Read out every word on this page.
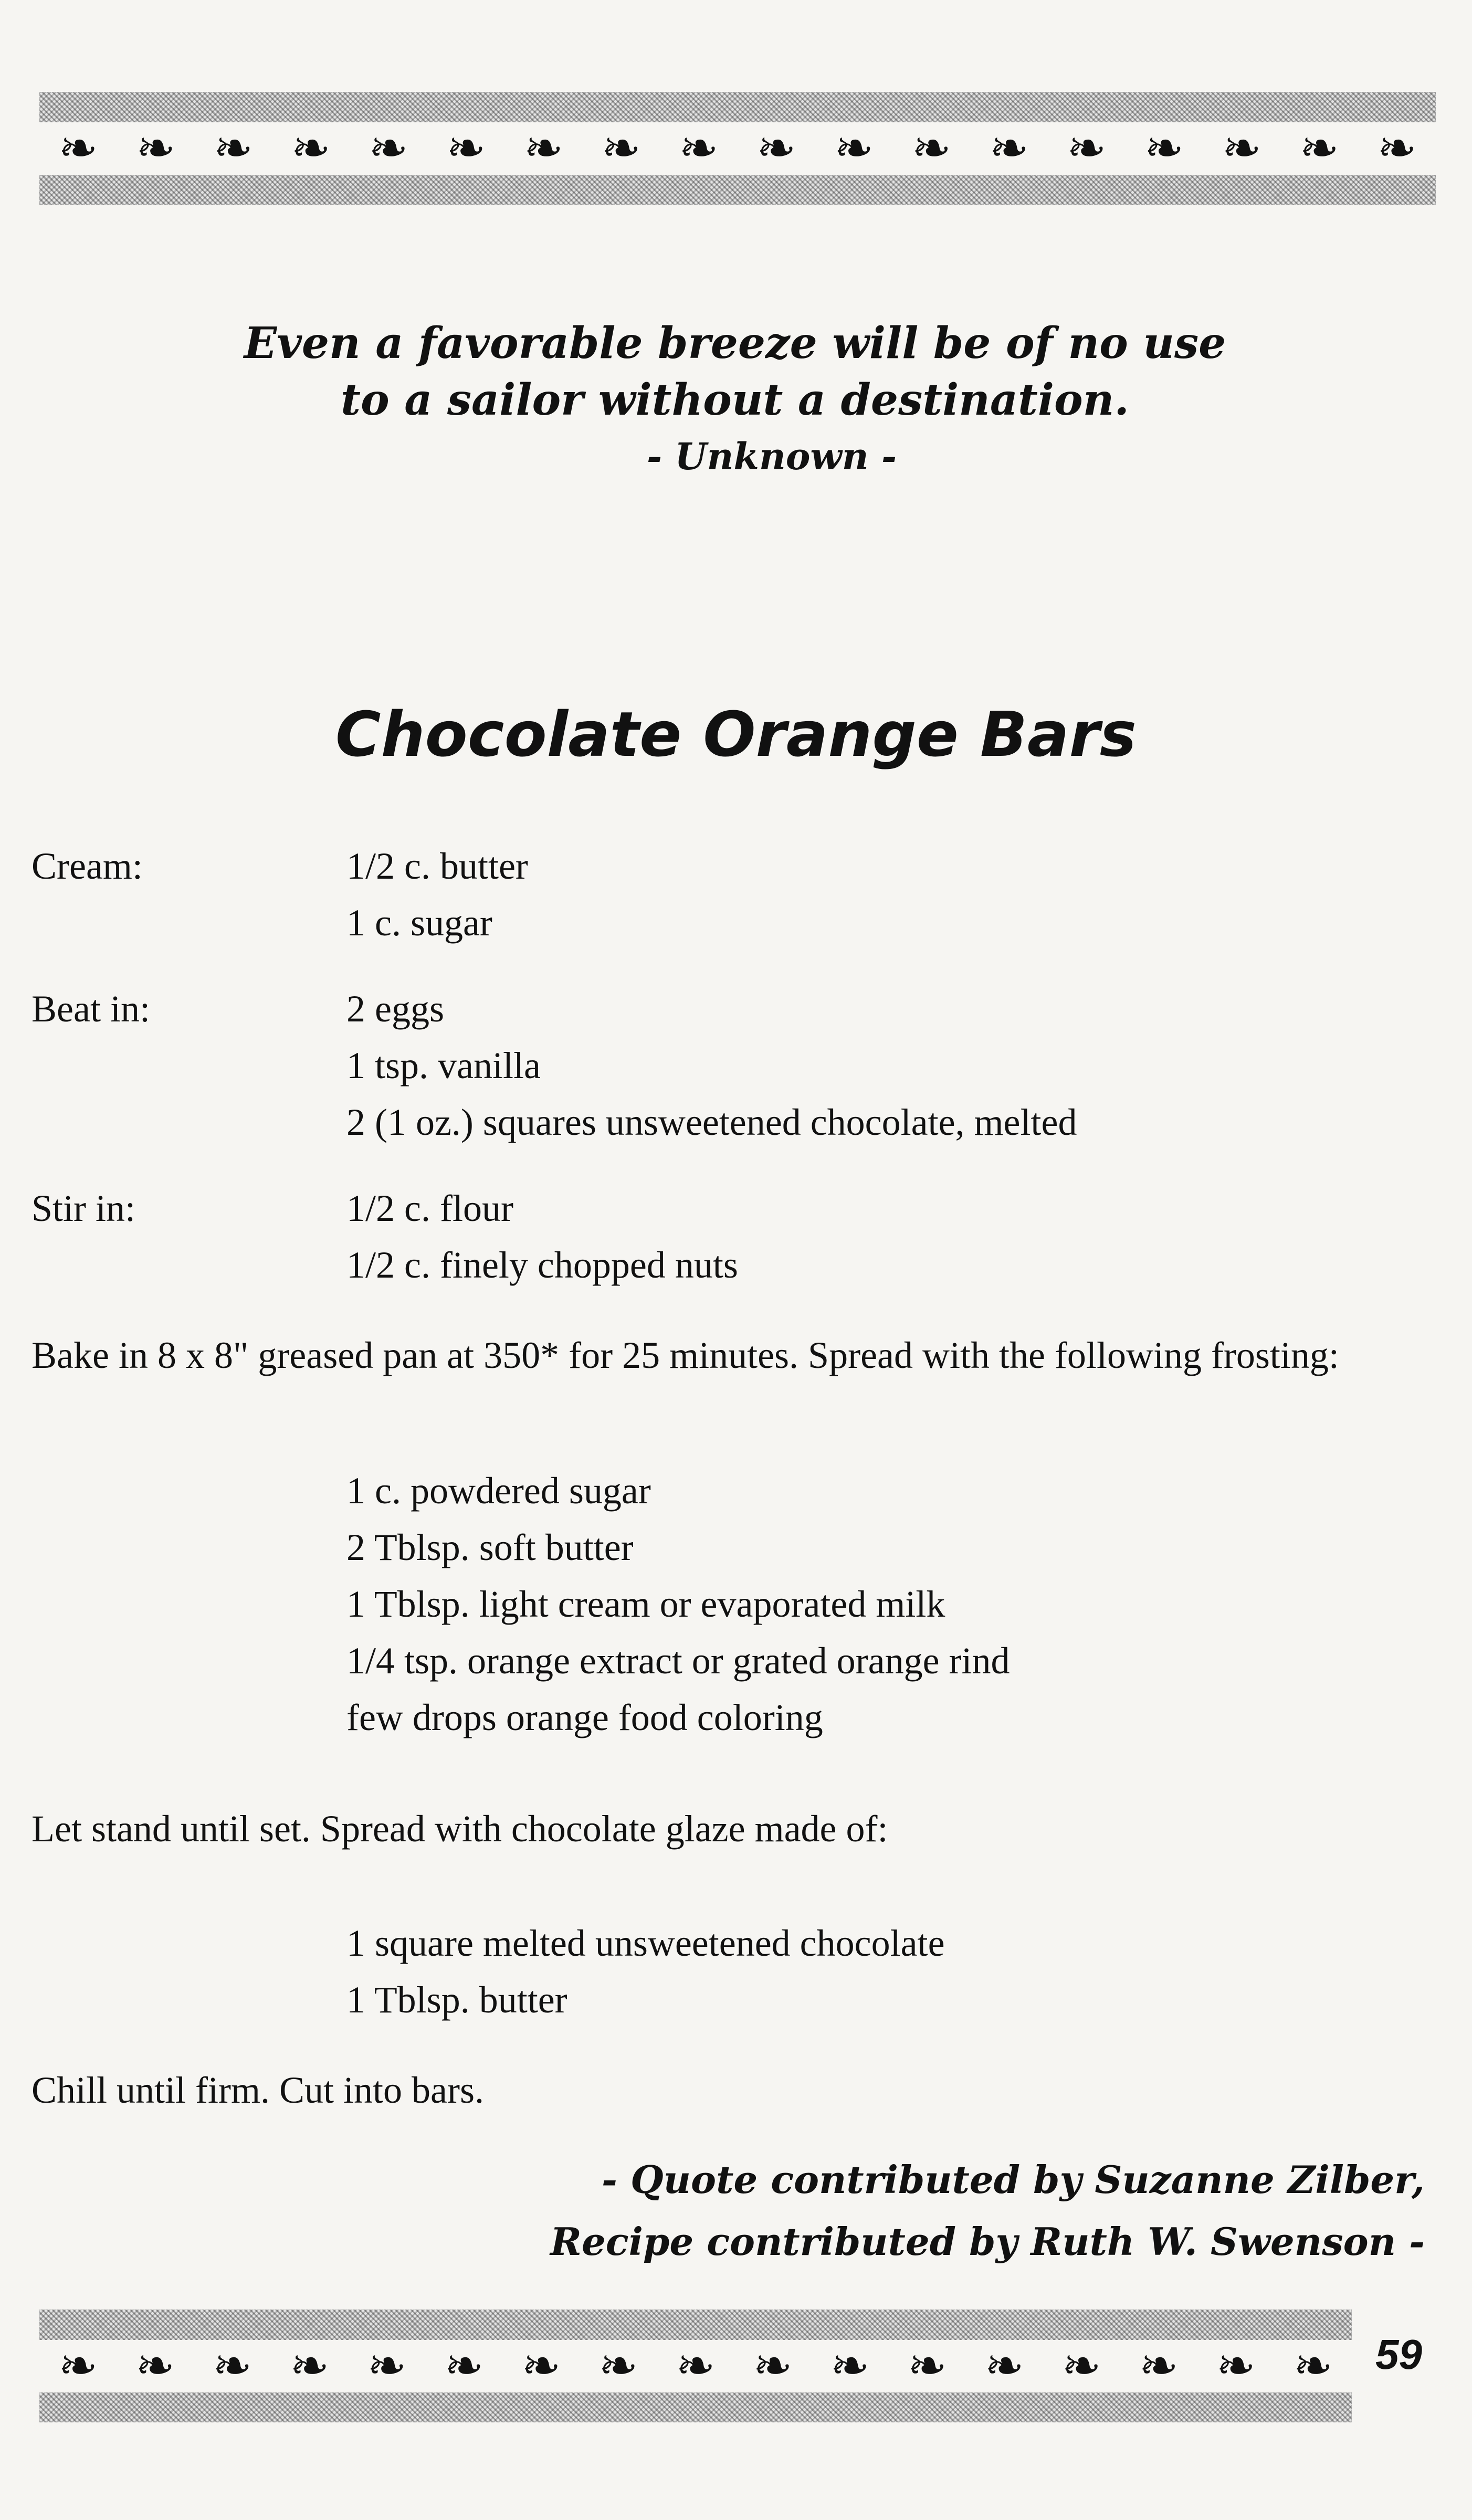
❧ ❧ ❧ ❧ ❧ ❧ ❧ ❧ ❧ ❧ ❧ ❧ ❧ ❧ ❧ ❧ ❧ ❧
Even a favorable breeze will be of no use
to a sailor without a destination.
- Unknown -
Chocolate Orange Bars
Cream:	1/2 c. butter
1 c. sugar
Beat in:	2 eggs
1 tsp. vanilla
2 (1 oz.) squares unsweetened chocolate, melted
Stir in:	1/2 c. flour
1/2 c. finely chopped nuts
Bake in 8 x 8" greased pan at 350* for 25 minutes. Spread with the following frosting:
1 c. powdered sugar
2 Tblsp. soft butter
1 Tblsp. light cream or evaporated milk
1/4 tsp. orange extract or grated orange rind
few drops orange food coloring
Let stand until set. Spread with chocolate glaze made of:
1 square melted unsweetened chocolate
1 Tblsp. butter
Chill until firm. Cut into bars.
- Quote contributed by Suzanne Zilber,
Recipe contributed by Ruth W. Swenson -
❧ ❧ ❧ ❧ ❧ ❧ ❧ ❧ ❧ ❧ ❧ ❧ ❧ ❧ ❧ ❧ ❧ 59
